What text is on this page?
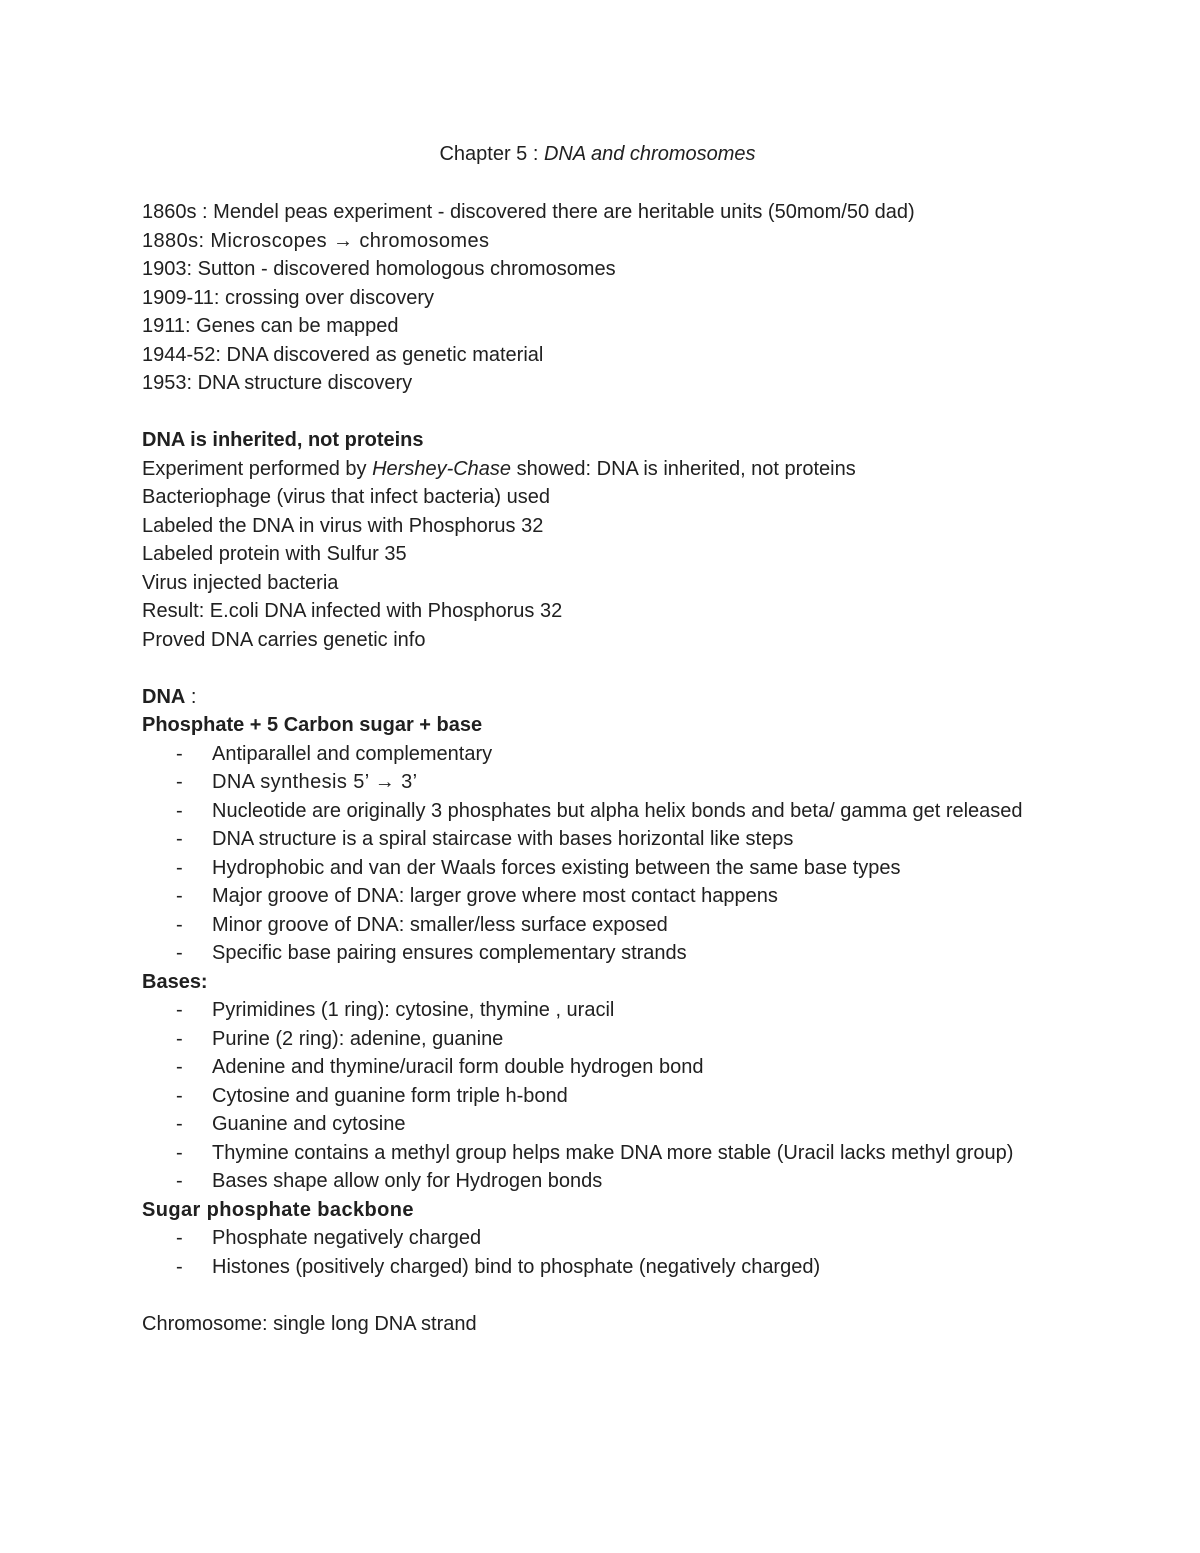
Chapter 5 : DNA and chromosomes
1860s : Mendel peas experiment - discovered there are heritable units (50mom/50 dad)
1880s: Microscopes → chromosomes
1903: Sutton - discovered homologous chromosomes
1909-11: crossing over discovery
1911: Genes can be mapped
1944-52: DNA discovered as genetic material
1953: DNA structure discovery
DNA is inherited, not proteins
Experiment performed by Hershey-Chase showed: DNA is inherited, not proteins
Bacteriophage (virus that infect bacteria) used
Labeled the DNA in virus with Phosphorus 32
Labeled protein with Sulfur 35
Virus injected bacteria
Result: E.coli DNA infected with Phosphorus 32
Proved DNA carries genetic info
DNA :
Phosphate + 5 Carbon sugar + base
- Antiparallel and complementary
- DNA synthesis 5’ → 3’
- Nucleotide are originally 3 phosphates but alpha helix bonds and beta/ gamma get released
- DNA structure is a spiral staircase with bases horizontal like steps
- Hydrophobic and van der Waals forces existing between the same base types
- Major groove of DNA: larger grove where most contact happens
- Minor groove of DNA: smaller/less surface exposed
- Specific base pairing ensures complementary strands
Bases:
- Pyrimidines (1 ring): cytosine, thymine , uracil
- Purine (2 ring): adenine, guanine
- Adenine and thymine/uracil form double hydrogen bond
- Cytosine and guanine form triple h-bond
- Guanine and cytosine
- Thymine contains a methyl group helps make DNA more stable (Uracil lacks methyl group)
- Bases shape allow only for Hydrogen bonds
Sugar phosphate backbone
- Phosphate negatively charged
- Histones (positively charged) bind to phosphate (negatively charged)
Chromosome: single long DNA strand
